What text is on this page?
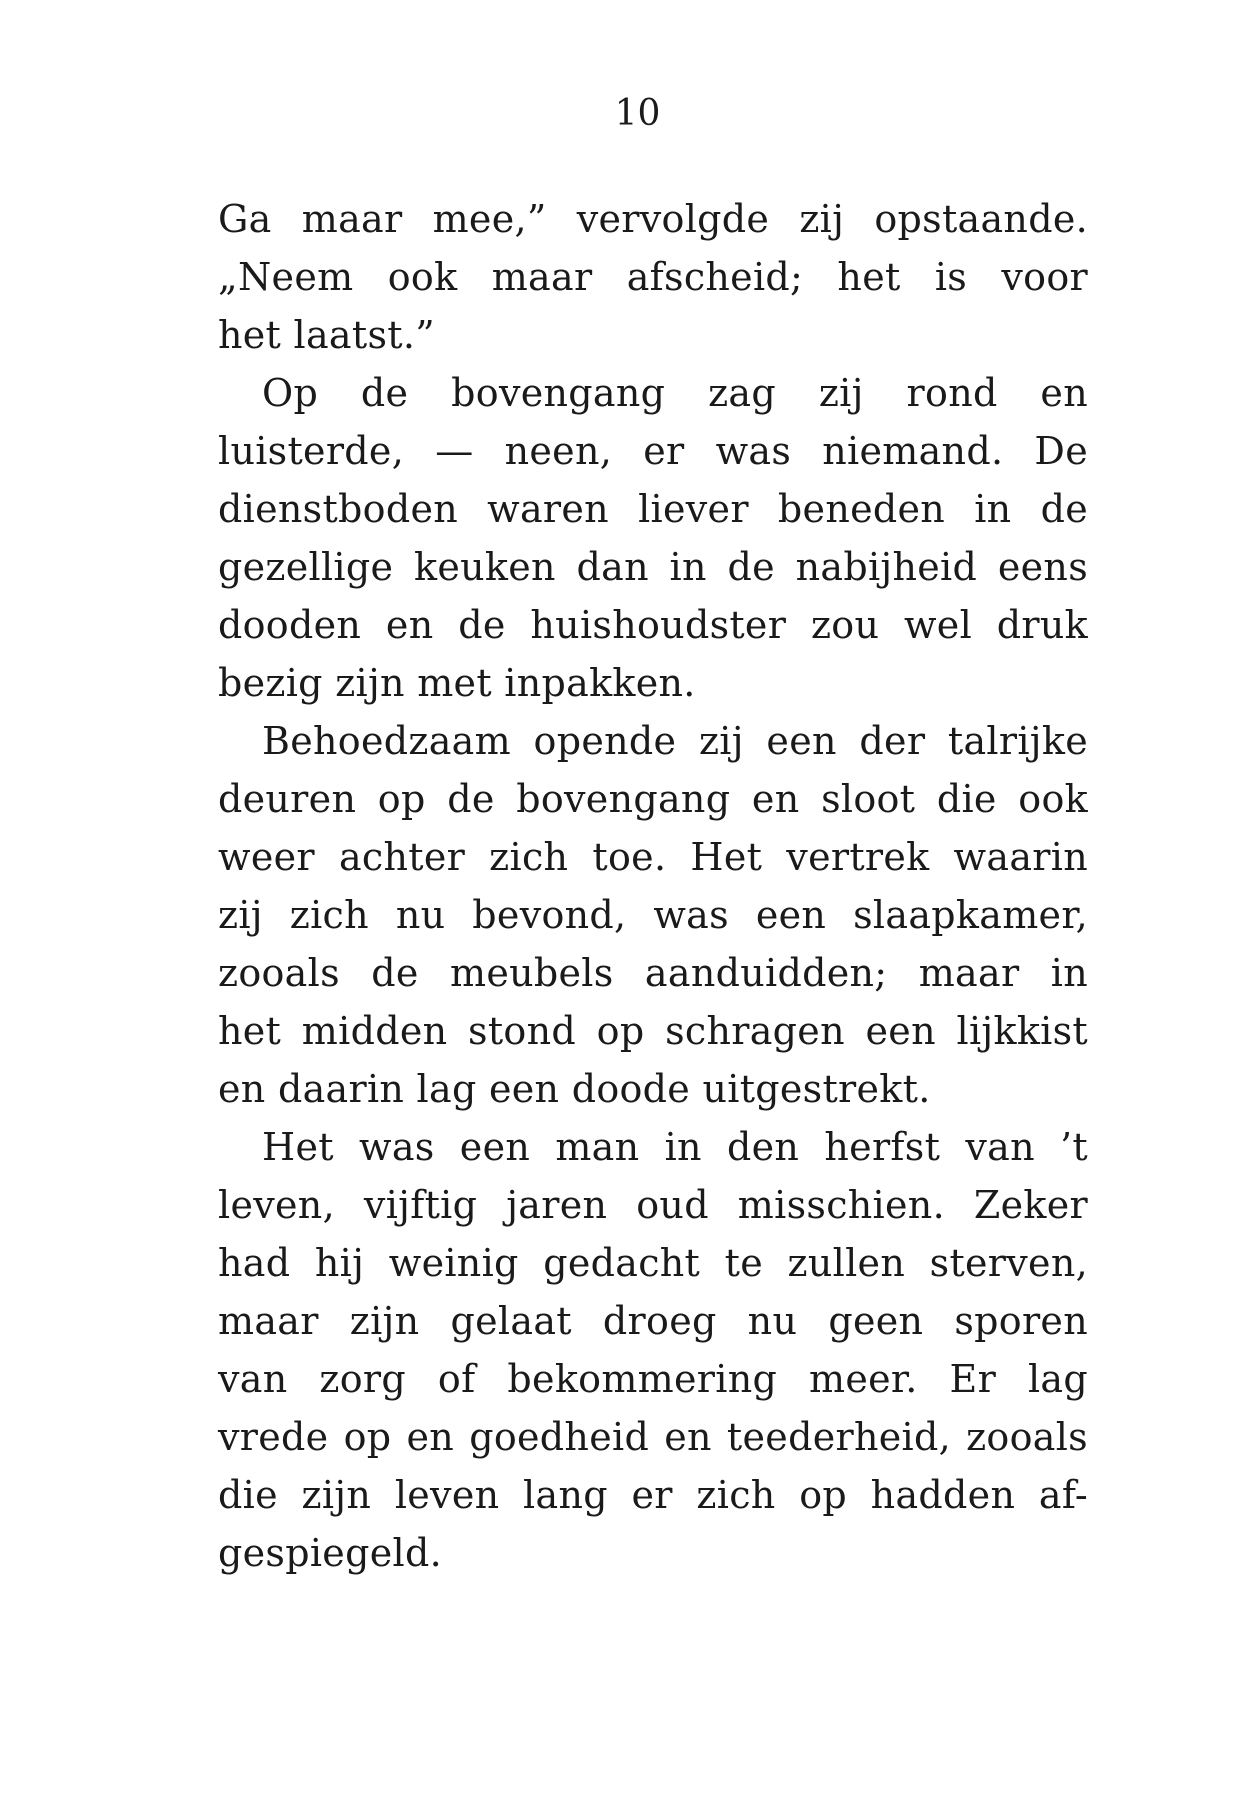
10
Ga maar mee,” vervolgde zij opstaande.
„Neem ook maar afscheid; het is voor
het laatst.”
Op de bovengang zag zij rond en
luisterde, — neen, er was niemand. De
dienstboden waren liever beneden in de
gezellige keuken dan in de nabijheid eens
dooden en de huishoudster zou wel druk
bezig zijn met inpakken.
Behoedzaam opende zij een der talrijke
deuren op de bovengang en sloot die ook
weer achter zich toe. Het vertrek waarin
zij zich nu bevond, was een slaapkamer,
zooals de meubels aanduidden; maar in
het midden stond op schragen een lijkkist
en daarin lag een doode uitgestrekt.
Het was een man in den herfst van ’t
leven, vijftig jaren oud misschien. Zeker
had hij weinig gedacht te zullen sterven,
maar zijn gelaat droeg nu geen sporen
van zorg of bekommering meer. Er lag
vrede op en goedheid en teederheid, zooals
die zijn leven lang er zich op hadden af-
gespiegeld.
